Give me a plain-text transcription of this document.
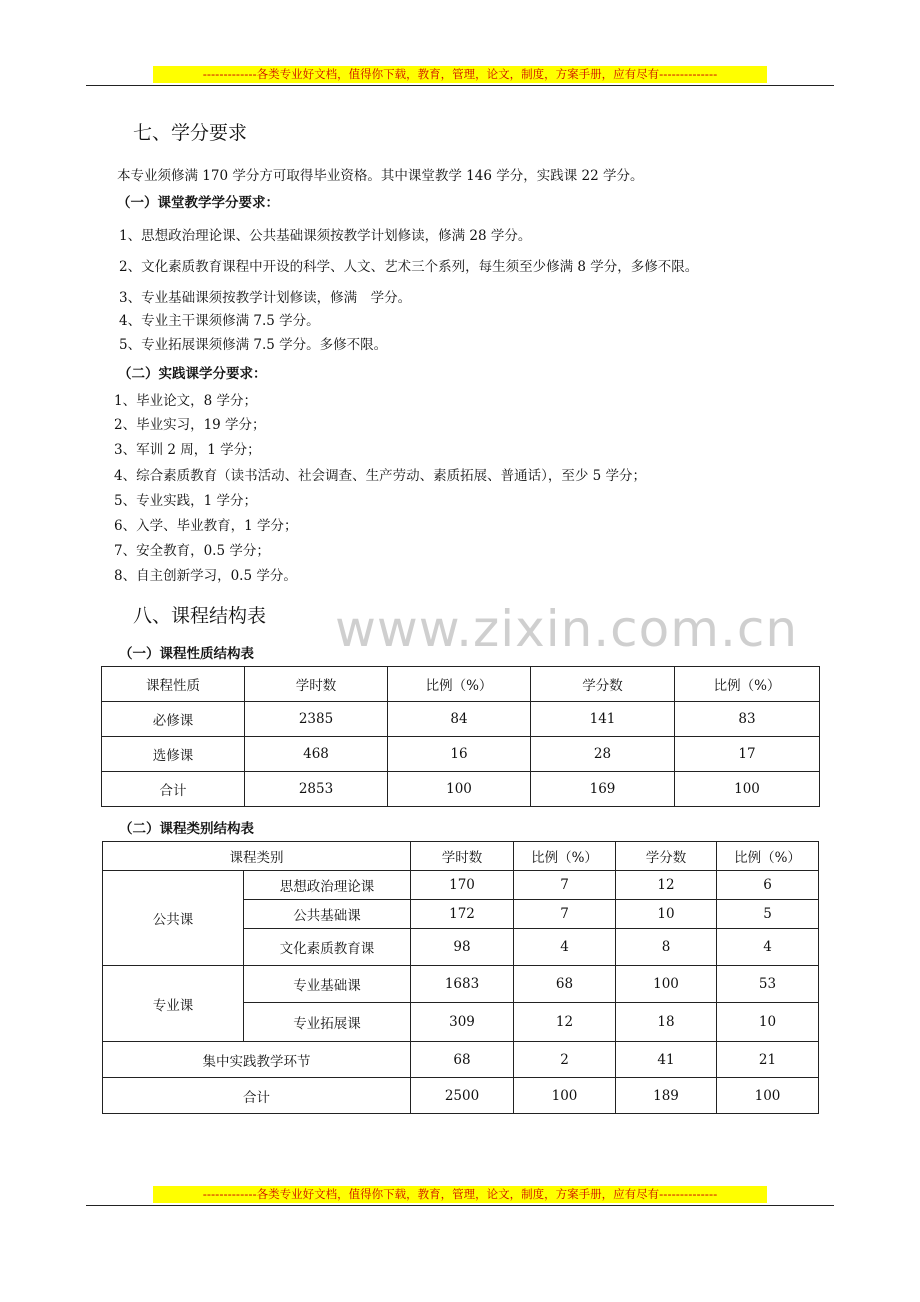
-------------各类专业好文档，值得你下载，教育，管理，论文，制度，方案手册，应有尽有--------------
www.zixin.com.cn
七、学分要求
本专业须修满 170 学分方可取得毕业资格。其中课堂教学 146 学分，实践课 22 学分。
（一）课堂教学学分要求：
1、思想政治理论课、公共基础课须按教学计划修读，修满 28 学分。
2、文化素质教育课程中开设的科学、人文、艺术三个系列，每生须至少修满 8 学分，多修不限。
3、专业基础课须按教学计划修读，修满　学分。
4、专业主干课须修满 7.5 学分。
5、专业拓展课须修满 7.5 学分。多修不限。
（二）实践课学分要求：
1、毕业论文，8 学分；
2、毕业实习，19 学分；
3、军训 2 周，1 学分；
4、综合素质教育（读书活动、社会调查、生产劳动、素质拓展、普通话），至少 5 学分；
5、专业实践，1 学分；
6、入学、毕业教育，1 学分；
7、安全教育，0.5 学分；
8、自主创新学习，0.5 学分。
八、课程结构表
（一）课程性质结构表
课程性质	学时数	比例（%）	学分数	比例（%）
必修课	2385	84	141	83
选修课	468	16	28	17
合计	2853	100	169	100
（二）课程类别结构表
课程类别		学时数	比例（%）	学分数	比例（%）
公共课	思想政治理论课	170	7	12	6
	公共基础课	172	7	10	5
	文化素质教育课	98	4	8	4
专业课	专业基础课	1683	68	100	53
	专业拓展课	309	12	18	10
集中实践教学环节		68	2	41	21
合计		2500	100	189	100
-------------各类专业好文档，值得你下载，教育，管理，论文，制度，方案手册，应有尽有--------------
